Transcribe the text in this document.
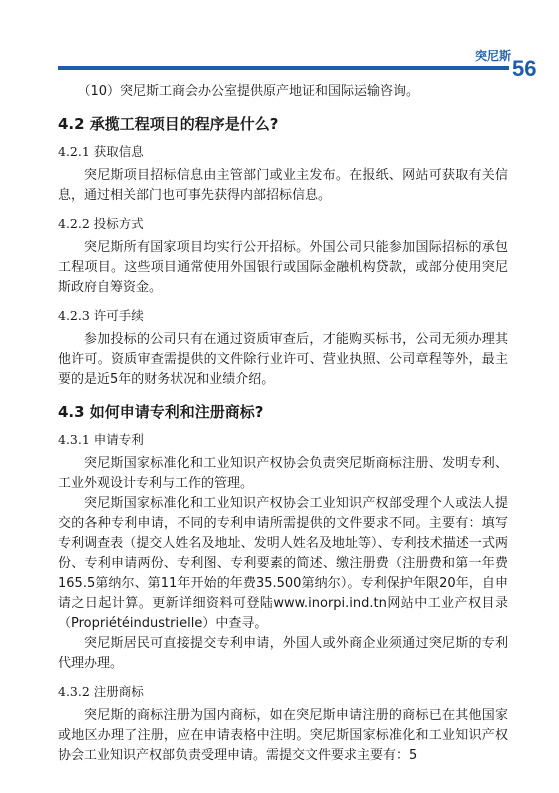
突尼斯 56

（10）突尼斯工商会办公室提供原产地证和国际运输咨询。

4.2 承揽工程项目的程序是什么?
4.2.1 获取信息

突尼斯项目招标信息由主管部门或业主发布。在报纸、网站可获取有关信息，通过相关部门也可事先获得内部招标信息。

4.2.2 投标方式

突尼斯所有国家项目均实行公开招标。外国公司只能参加国际招标的承包工程项目。这些项目通常使用外国银行或国际金融机构贷款，或部分使用突尼斯政府自筹资金。

4.2.3 许可手续

参加投标的公司只有在通过资质审查后，才能购买标书，公司无须办理其他许可。资质审查需提供的文件除行业许可、营业执照、公司章程等外，最主要的是近5年的财务状况和业绩介绍。

4.3 如何申请专利和注册商标?
4.3.1 申请专利

突尼斯国家标准化和工业知识产权协会负责突尼斯商标注册、发明专利、工业外观设计专利与工作的管理。

突尼斯国家标准化和工业知识产权协会工业知识产权部受理个人或法人提交的各种专利申请，不同的专利申请所需提供的文件要求不同。主要有：填写专利调查表（提交人姓名及地址、发明人姓名及地址等）、专利技术描述一式两份、专利申请两份、专利图、专利要素的简述、缴注册费（注册费和第一年费165.5第纳尔、第11年开始的年费35.500第纳尔）。专利保护年限20年，自申请之日起计算。更新详细资料可登陆www.inorpi.ind.tn网站中工业产权目录（Propriétéindustrielle）中查寻。

突尼斯居民可直接提交专利申请，外国人或外商企业须通过突尼斯的专利代理办理。

4.3.2 注册商标

突尼斯的商标注册为国内商标，如在突尼斯申请注册的商标已在其他国家或地区办理了注册，应在申请表格中注明。突尼斯国家标准化和工业知识产权协会工业知识产权部负责受理申请。需提交文件要求主要有：5
